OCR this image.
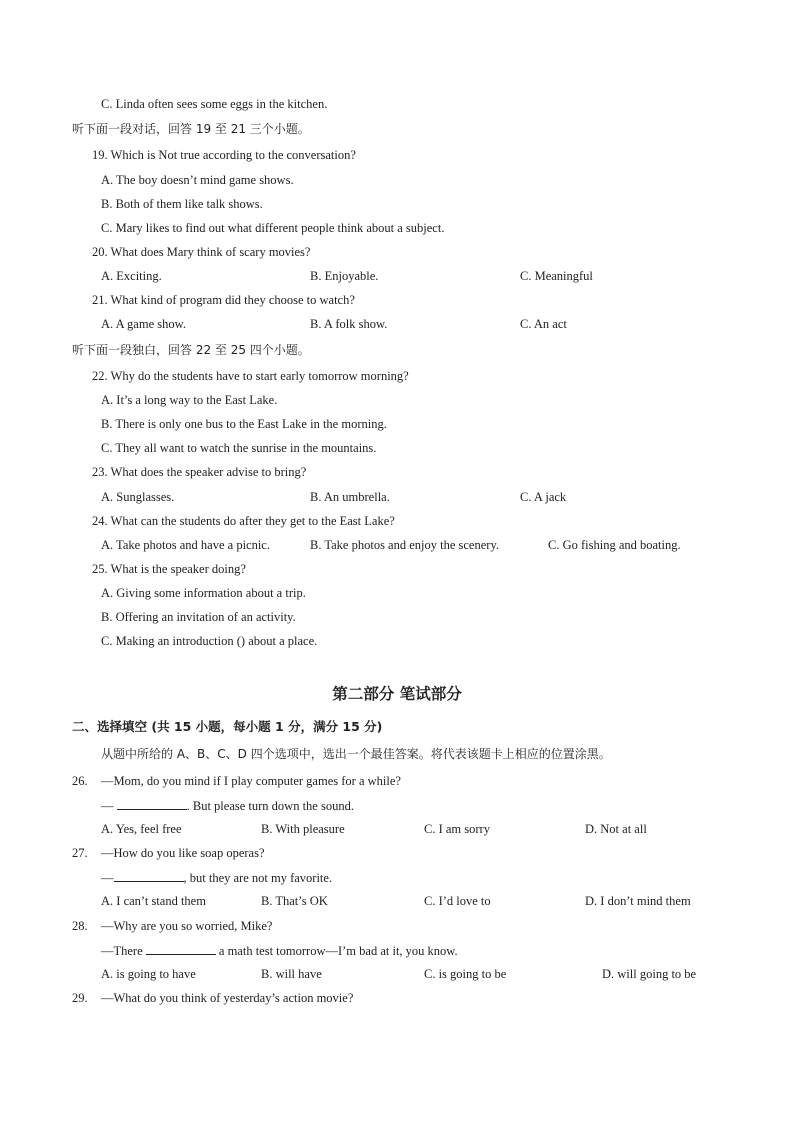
C. Linda often sees some eggs in the kitchen.
听下面一段对话，回答 19 至 21 三个小题。
19. Which is Not true according to the conversation?
A. The boy doesn’t mind game shows.
B. Both of them like talk shows.
C. Mary likes to find out what different people think about a subject.
20. What does Mary think of scary movies?
A. Exciting.	B. Enjoyable.	C. Meaningful
21. What kind of program did they choose to watch?
A. A game show.	B. A folk show.	C. An act
听下面一段独白，回答 22 至 25 四个小题。
22. Why do the students have to start early tomorrow morning?
A. It’s a long way to the East Lake.
B. There is only one bus to the East Lake in the morning.
C. They all want to watch the sunrise in the mountains.
23. What does the speaker advise to bring?
A. Sunglasses.	B. An umbrella.	C. A jack
24. What can the students do after they get to the East Lake?
A. Take photos and have a picnic.	B. Take photos and enjoy the scenery.	C. Go fishing and boating.
25. What is the speaker doing?
A. Giving some information about a trip.
B. Offering an invitation of an activity.
C. Making an introduction () about a place.
第二部分 笔试部分
二、选择填空 (共 15 小题，每小题 1 分，满分 15 分)
从题中所给的 A、B、C、D 四个选项中，选出一个最佳答案。将代表该题卡上相应的位置涂黑。
26. —Mom, do you mind if I play computer games for a while?
—	. But please turn down the sound.
A. Yes, feel free	B. With pleasure	C. I am sorry	D. Not at all
27. —How do you like soap operas?
—	, but they are not my favorite.
A. I can’t stand them	B. That’s OK	C. I’d love to	D. I don’t mind them
28. —Why are you so worried, Mike?
—There	a math test tomorrow—I’m bad at it, you know.
A. is going to have	B. will have	C. is going to be	D. will going to be
29. —What do you think of yesterday’s action movie?
